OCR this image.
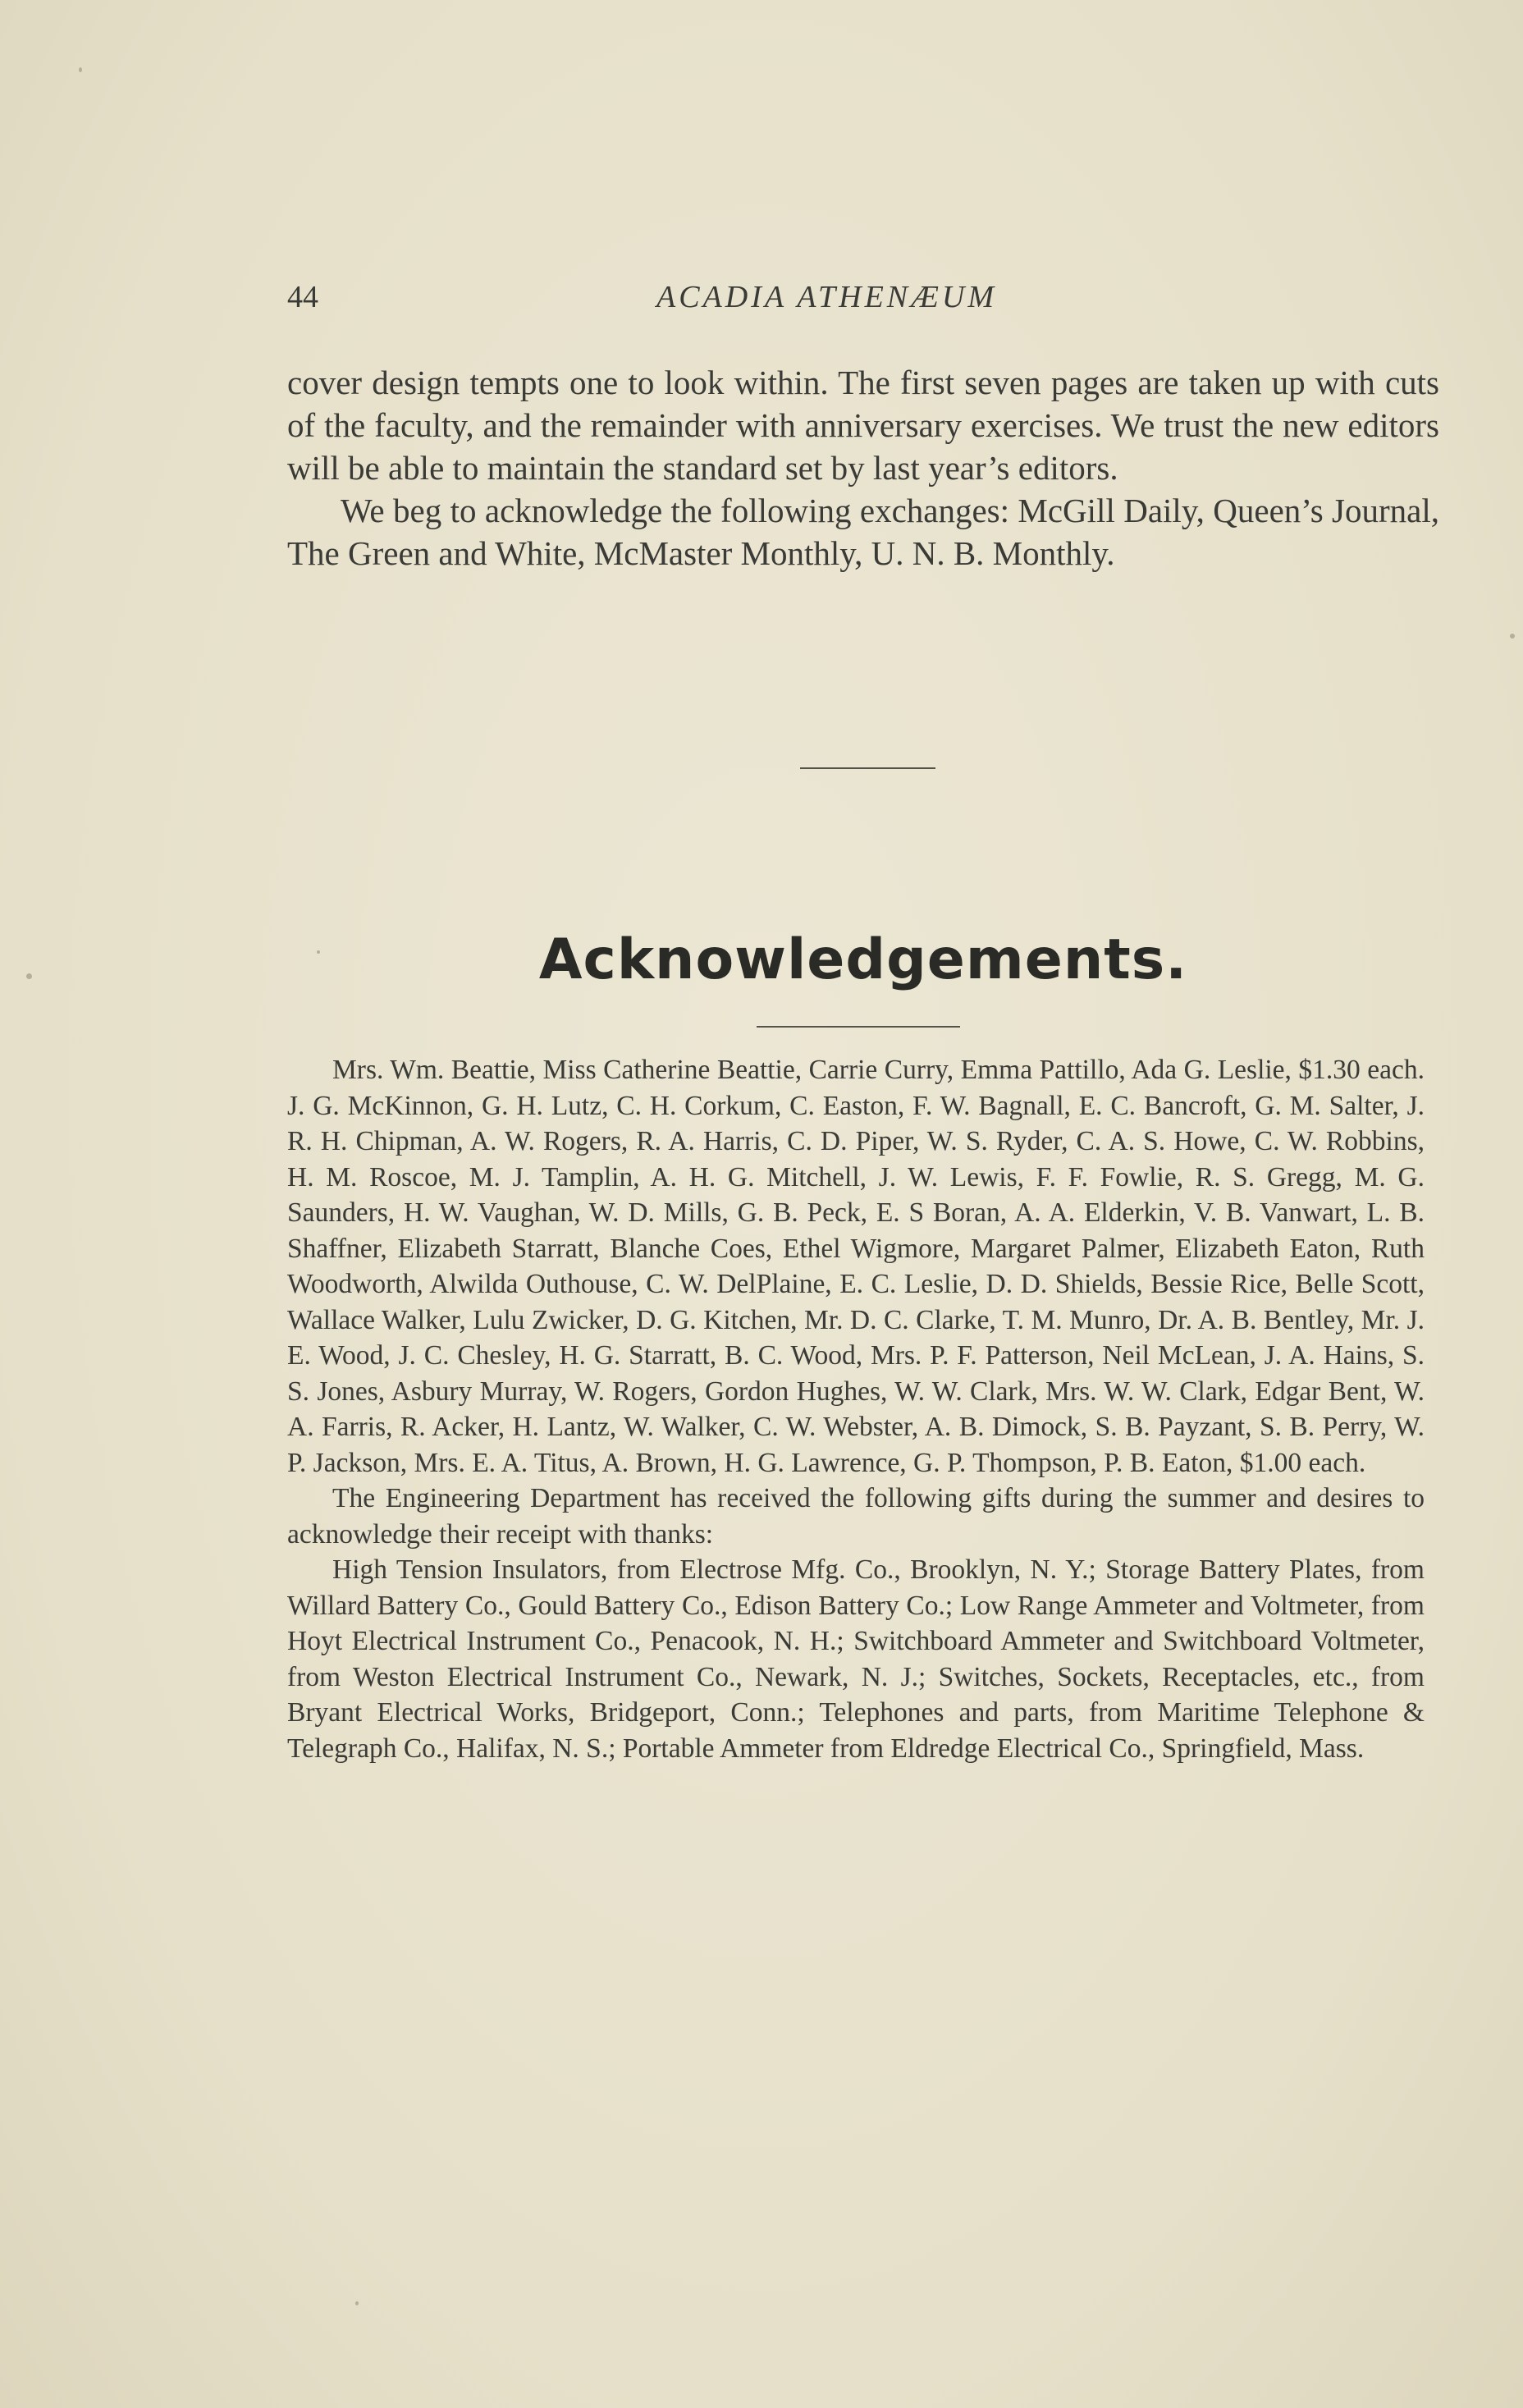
44	ACADIA ATHENÆUM

cover design tempts one to look within. The first seven pages are taken up with cuts of the faculty, and the remainder with anniversary exercises. We trust the new editors will be able to maintain the standard set by last year’s editors.

We beg to acknowledge the following exchanges: McGill Daily, Queen’s Journal, The Green and White, McMaster Monthly, U. N. B. Monthly.

Acknowledgements.

Mrs. Wm. Beattie, Miss Catherine Beattie, Carrie Curry, Emma Pattillo, Ada G. Leslie, $1.30 each. J. G. McKinnon, G. H. Lutz, C. H. Corkum, C. Easton, F. W. Bagnall, E. C. Bancroft, G. M. Salter, J. R. H. Chipman, A. W. Rogers, R. A. Harris, C. D. Piper, W. S. Ryder, C. A. S. Howe, C. W. Robbins, H. M. Roscoe, M. J. Tamplin, A. H. G. Mitchell, J. W. Lewis, F. F. Fowlie, R. S. Gregg, M. G. Saunders, H. W. Vaughan, W. D. Mills, G. B. Peck, E. S Boran, A. A. Elderkin, V. B. Vanwart, L. B. Shaffner, Elizabeth Starratt, Blanche Coes, Ethel Wigmore, Margaret Palmer, Elizabeth Eaton, Ruth Woodworth, Alwilda Outhouse, C. W. DelPlaine, E. C. Leslie, D. D. Shields, Bessie Rice, Belle Scott, Wallace Walker, Lulu Zwicker, D. G. Kitchen, Mr. D. C. Clarke, T. M. Munro, Dr. A. B. Bentley, Mr. J. E. Wood, J. C. Chesley, H. G. Starratt, B. C. Wood, Mrs. P. F. Patterson, Neil McLean, J. A. Hains, S. S. Jones, Asbury Murray, W. Rogers, Gordon Hughes, W. W. Clark, Mrs. W. W. Clark, Edgar Bent, W. A. Farris, R. Acker, H. Lantz, W. Walker, C. W. Webster, A. B. Dimock, S. B. Payzant, S. B. Perry, W. P. Jackson, Mrs. E. A. Titus, A. Brown, H. G. Lawrence, G. P. Thompson, P. B. Eaton, $1.00 each.

The Engineering Department has received the following gifts during the summer and desires to acknowledge their receipt with thanks:

High Tension Insulators, from Electrose Mfg. Co., Brooklyn, N. Y.; Storage Battery Plates, from Willard Battery Co., Gould Battery Co., Edison Battery Co.; Low Range Ammeter and Voltmeter, from Hoyt Electrical Instrument Co., Penacook, N. H.; Switchboard Ammeter and Switchboard Voltmeter, from Weston Electrical Instrument Co., Newark, N. J.; Switches, Sockets, Receptacles, etc., from Bryant Electrical Works, Bridgeport, Conn.; Telephones and parts, from Maritime Telephone & Telegraph Co., Halifax, N. S.; Portable Ammeter from Eldredge Electrical Co., Springfield, Mass.
